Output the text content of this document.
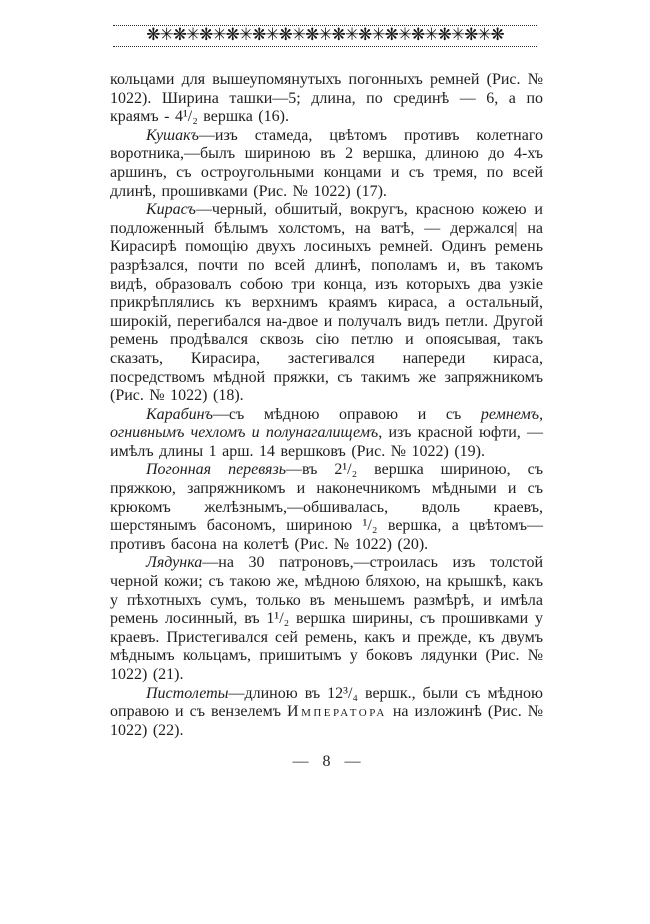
❋✳❋✳❋✳❋✳❋✳❋✳❋✳❋✳❋✳❋✳❋✳❋✳❋✳❋

кольцами для вышеупомянутыхъ погонныхъ ремней (Рис. № 1022). Ширина ташки—5; длина, по срединѣ — 6, а по краямъ - 4¹/₂ вершка (16).

Кушакъ—изъ стамеда, цвѣтомъ противъ колетнаго воротника,—былъ шириною въ 2 вершка, длиною до 4-хъ аршинъ, съ остроугольными концами и съ тремя, по всей длинѣ, прошивками (Рис. № 1022) (17).

Кирасъ—черный, обшитый, вокругъ, красною кожею и подложенный бѣлымъ холстомъ, на ватѣ, — держался| на Кирасирѣ помощію двухъ лосиныхъ ремней. Одинъ ремень разрѣзался, почти по всей длинѣ, пополамъ и, въ такомъ видѣ, образовалъ собою три конца, изъ которыхъ два узкіе прикрѣплялись къ верхнимъ краямъ кираса, а остальный, широкій, перегибался на-двое и получалъ видъ петли. Другой ремень продѣвался сквозь сію петлю и опоясывая, такъ сказать, Кирасира, застегивался напереди кираса, посредствомъ мѣдной пряжки, съ такимъ же запряжникомъ (Рис. № 1022) (18).

Карабинъ—съ мѣдною оправою и съ ремнемъ, огнивнымъ чехломъ и полунагалищемъ, изъ красной юфти, — имѣлъ длины 1 арш. 14 вершковъ (Рис. № 1022) (19).

Погонная перевязь—въ 2¹/₂ вершка шириною, съ пряжкою, запряжникомъ и наконечникомъ мѣдными и съ крюкомъ желѣзнымъ,—обшивалась, вдоль краевъ, шерстянымъ басономъ, шириною ¹/₂ вершка, а цвѣтомъ—противъ басона на колетѣ (Рис. № 1022) (20).

Лядунка—на 30 патроновъ,—строилась изъ толстой черной кожи; съ такою же, мѣдною бляхою, на крышкѣ, какъ у пѣхотныхъ сумъ, только въ меньшемъ размѣрѣ, и имѣла ремень лосинный, въ 1¹/₂ вершка ширины, съ прошивками у краевъ. Пристегивался сей ремень, какъ и прежде, къ двумъ мѣднымъ кольцамъ, пришитымъ у боковъ лядунки (Рис. № 1022) (21).

Пистолеты—длиною въ 12³/₄ вершк., были съ мѣдною оправою и съ вензелемъ Императора на изложинѣ (Рис. № 1022) (22).

— 8 —
